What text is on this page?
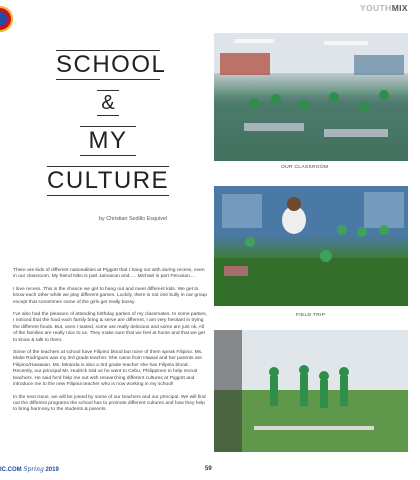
YOUTHMIX
SCHOOL
&
MY
CULTURE
by Christian Sedillo Esquivel

There are kids of different nationalities at Piggott that I hang out with during recess, even in our classroom. My friend Niko is part Jamaican and..... Michael is part Peruvian....

I love recess. This is the chance we get to hang out and meet different kids. We get to know each other while we play different games. Luckily, there is not one bully in our group except that sometimes some of the girls get really bossy.

I've also had the pleasure of attending birthday parties of my classmates. In some parties, I noticed that the food each family bring & serve are different, I am very hesitant in trying the different foods. But, ones I tasted, some are really delicious and some are just ok. All of the families are really nice to us. They make sure that we feel at home and that we get to know & talk to them.

Some of the teachers at school have Filipino blood but none of them speak Filipino. Ms. Malie Rodrigues was my 3rd grade teacher. She came from Hawaii and her parents are Filipino/Hawaiian. Ms. Miranda is also a 3rd grade teacher she has Filipino blood. Recently, our principal Mr. Hudrick told us he went to Cebu, Philippines to help recruit teachers. He said he'd help me out with researching different cultures at Piggott and introduce me to the new Filipina teacher who is now working in my school!

In the next issue, we will be joined by some of our teachers and our principal. We will find out the different programs the school has to promote different cultures and how they help to bring harmony to the students & parents.

OUR CLASSROOM
FIELD TRIP
IC.COM Spring 2019	59
